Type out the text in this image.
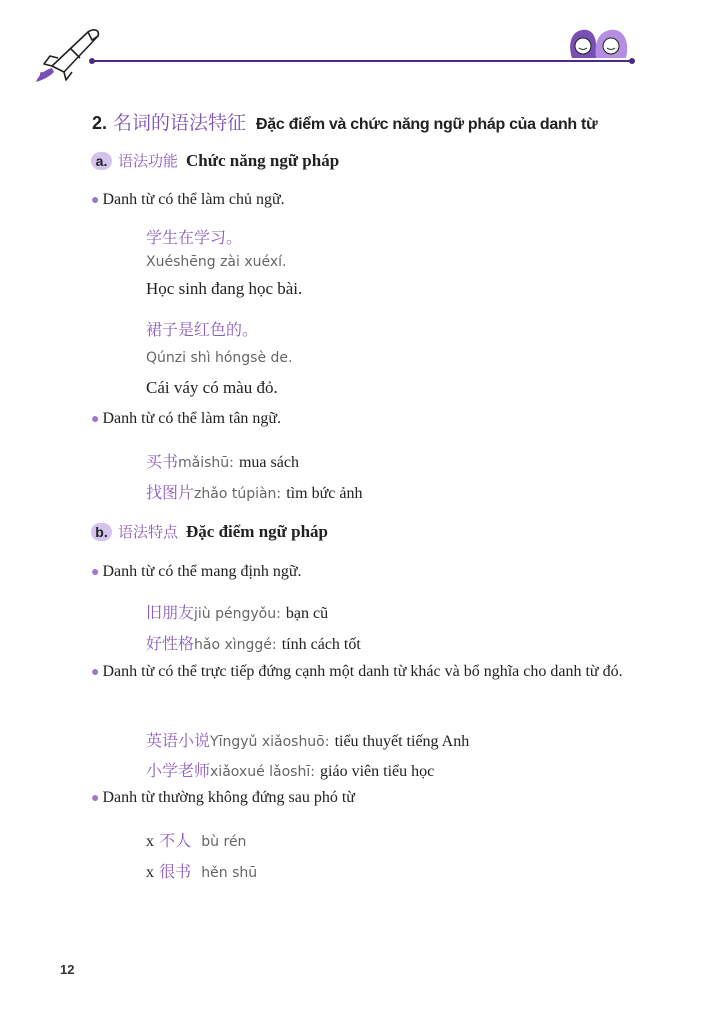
2. 名词的语法特征 Đặc điểm và chức năng ngữ pháp của danh từ
a. 语法功能 Chức năng ngữ pháp
● Danh từ có thể làm chủ ngữ.
学生在学习。
Xuéshēng zài xuéxí.
Học sinh đang học bài.
裙子是红色的。
Qúnzi shì hóngsè de.
Cái váy có màu đỏ.
● Danh từ có thể làm tân ngữ.
买书mǎishū: mua sách
找图片zhǎo túpiàn: tìm bức ảnh
b. 语法特点 Đặc điểm ngữ pháp
● Danh từ có thể mang định ngữ.
旧朋友jiù péngyǒu: bạn cũ
好性格hǎo xìnggé: tính cách tốt
● Danh từ có thể trực tiếp đứng cạnh một danh từ khác và bổ nghĩa cho danh từ đó.
英语小说Yīngyǔ xiǎoshuō: tiểu thuyết tiếng Anh
小学老师xiǎoxué lǎoshī: giáo viên tiểu học
● Danh từ thường không đứng sau phó từ
x 不人 bù rén
x 很书 hěn shū
12
